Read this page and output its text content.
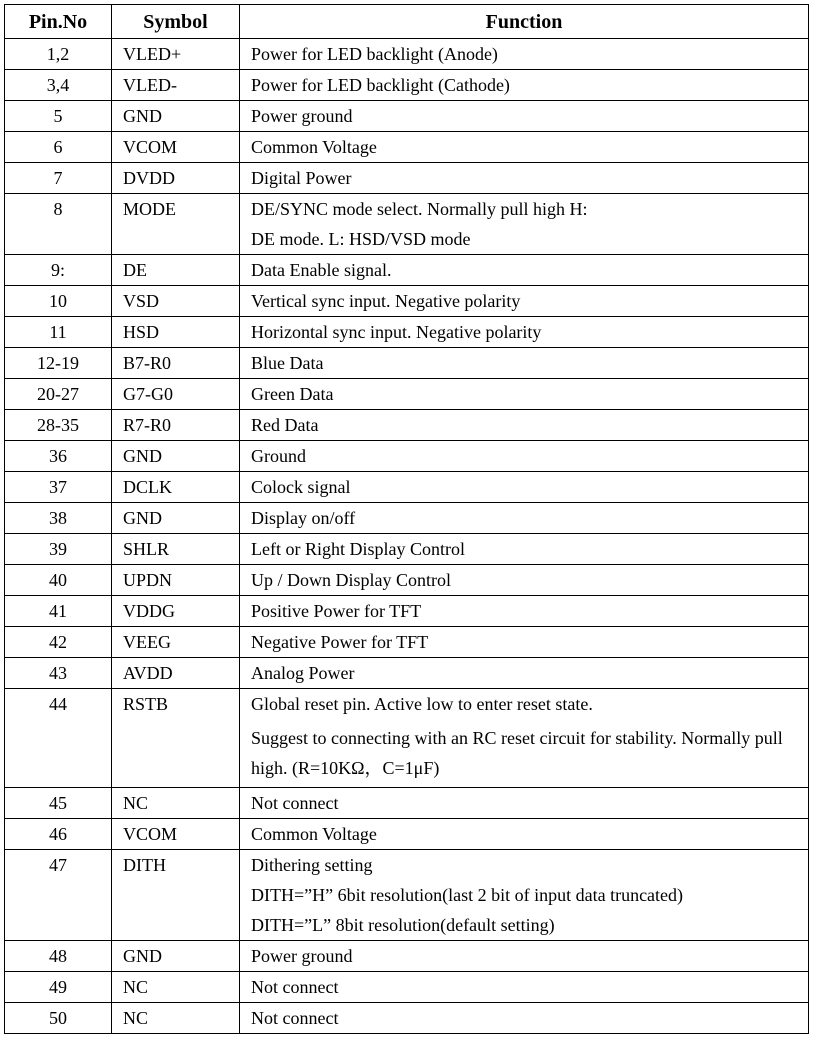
Pin.No	Symbol	Function
1,2	VLED+	Power for LED backlight (Anode)

3,4	VLED-	Power for LED backlight (Cathode)

5	GND	Power ground

6	VCOM	Common Voltage

7	DVDD	Digital Power

8	MODE	DE/SYNC mode select. Normally pull high H:
DE mode. L: HSD/VSD mode

9:	DE	Data Enable signal.

10	VSD	Vertical sync input. Negative polarity

11	HSD	Horizontal sync input. Negative polarity

12-19	B7-R0	Blue Data

20-27	G7-G0	Green Data

28-35	R7-R0	Red Data

36	GND	Ground

37	DCLK	Colock signal

38	GND	Display on/off

39	SHLR	Left or Right Display Control

40	UPDN	Up / Down Display Control

41	VDDG	Positive Power for TFT

42	VEEG	Negative Power for TFT

43	AVDD	Analog Power

44	RSTB	Global reset pin. Active low to enter reset state.
Suggest to connecting with an RC reset circuit for stability. Normally pull high. (R=10KΩ，C=1μF)

45	NC	Not connect

46	VCOM	Common Voltage

47	DITH	Dithering setting
DITH=”H” 6bit resolution(last 2 bit of input data truncated)
DITH=”L” 8bit resolution(default setting)

48	GND	Power ground

49	NC	Not connect

50	NC	Not connect
